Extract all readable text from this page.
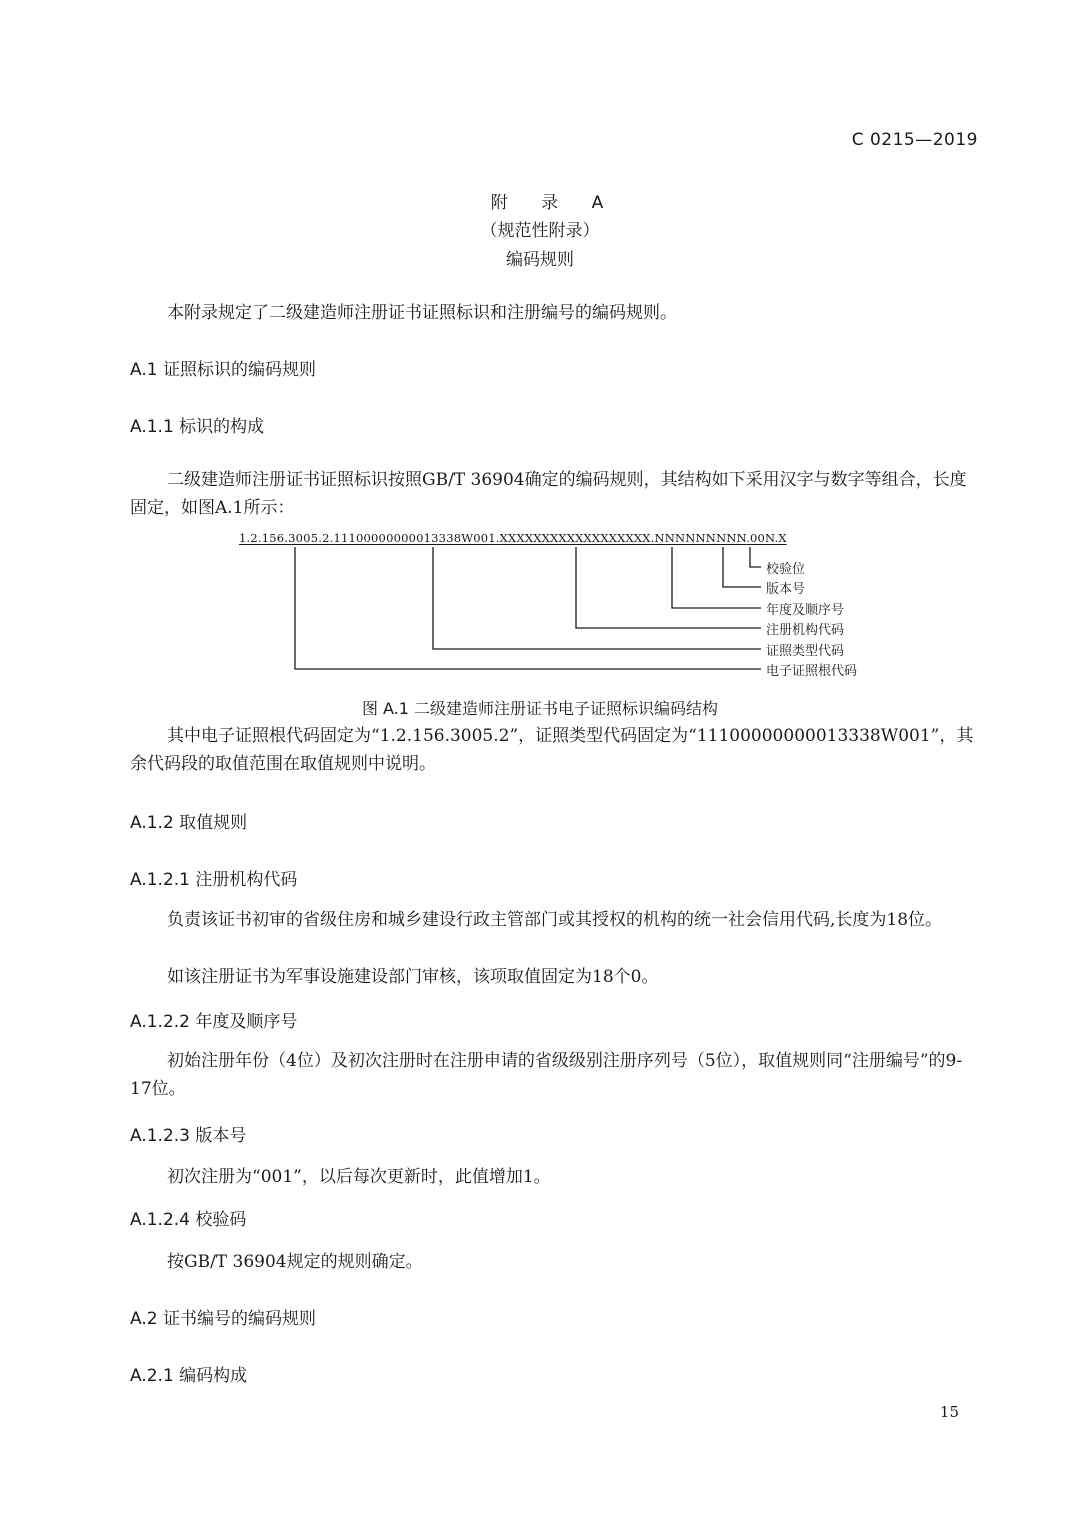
C 0215—2019
附 录 A
（规范性附录）
编码规则
本附录规定了二级建造师注册证书证照标识和注册编号的编码规则。
A.1 证照标识的编码规则
A.1.1 标识的构成
二级建造师注册证书证照标识按照GB/T 36904确定的编码规则，其结构如下采用汉字与数字等组合，长度固定，如图A.1所示：
1.2.156.3005.2.11100000000013338W001.XXXXXXXXXXXXXXXXXX.NNNNNNNNN.00N.X
校验位
版本号
年度及顺序号
注册机构代码
证照类型代码
电子证照根代码
图 A.1 二级建造师注册证书电子证照标识编码结构
其中电子证照根代码固定为“1.2.156.3005.2”，证照类型代码固定为“11100000000013338W001”，其余代码段的取值范围在取值规则中说明。
A.1.2 取值规则
A.1.2.1 注册机构代码
负责该证书初审的省级住房和城乡建设行政主管部门或其授权的机构的统一社会信用代码,长度为18位。
如该注册证书为军事设施建设部门审核，该项取值固定为18个0。
A.1.2.2 年度及顺序号
初始注册年份（4位）及初次注册时在注册申请的省级级别注册序列号（5位），取值规则同“注册编号”的9-17位。
A.1.2.3 版本号
初次注册为“001”，以后每次更新时，此值增加1。
A.1.2.4 校验码
按GB/T 36904规定的规则确定。
A.2 证书编号的编码规则
A.2.1 编码构成
15
